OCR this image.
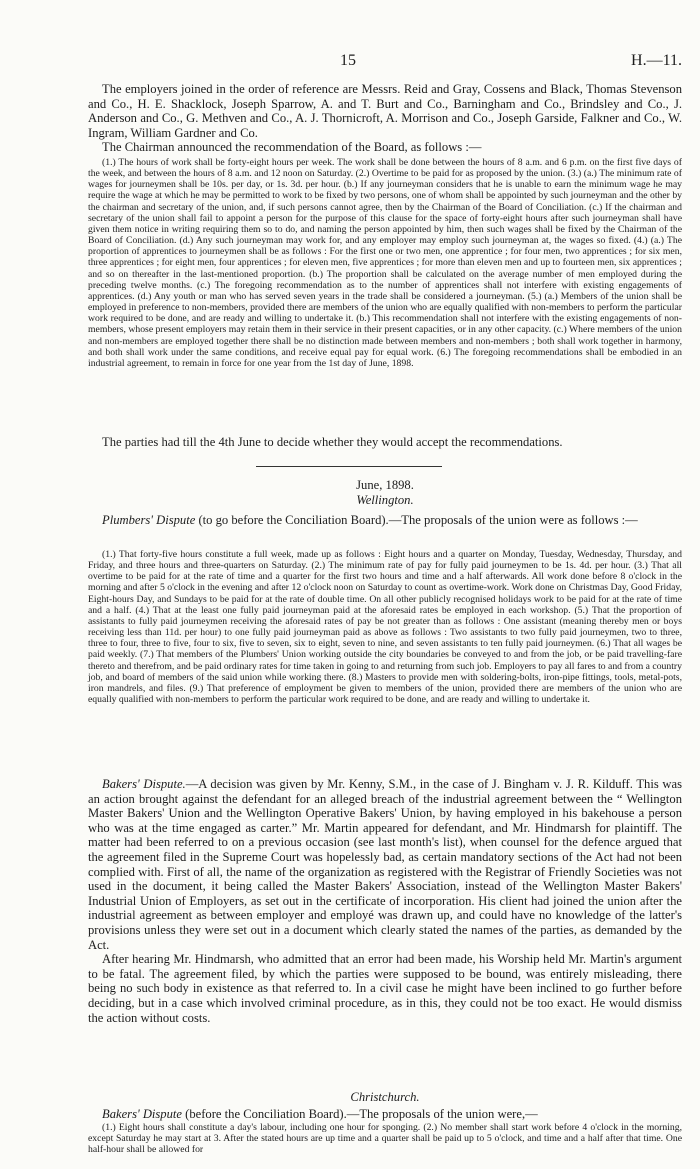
15	H.—11.

The employers joined in the order of reference are Messrs. Reid and Gray, Cossens and Black, Thomas Stevenson and Co., H. E. Shacklock, Joseph Sparrow, A. and T. Burt and Co., Barningham and Co., Brindsley and Co., J. Anderson and Co., G. Methven and Co., A. J. Thornicroft, A. Morrison and Co., Joseph Garside, Falkner and Co., W. Ingram, William Gardner and Co.

The Chairman announced the recommendation of the Board, as follows :—

(1.) The hours of work shall be forty-eight hours per week. The work shall be done between the hours of 8 a.m. and 6 p.m. on the first five days of the week, and between the hours of 8 a.m. and 12 noon on Saturday. (2.) Overtime to be paid for as proposed by the union. (3.) (a.) The minimum rate of wages for journeymen shall be 10s. per day, or 1s. 3d. per hour. (b.) If any journeyman considers that he is unable to earn the minimum wage he may require the wage at which he may be permitted to work to be fixed by two persons, one of whom shall be appointed by such journeyman and the other by the chairman and secretary of the union, and, if such persons cannot agree, then by the Chairman of the Board of Conciliation. (c.) If the chairman and secretary of the union shall fail to appoint a person for the purpose of this clause for the space of forty-eight hours after such journeyman shall have given them notice in writing requiring them so to do, and naming the person appointed by him, then such wages shall be fixed by the Chairman of the Board of Conciliation. (d.) Any such journeyman may work for, and any employer may employ such journeyman at, the wages so fixed. (4.) (a.) The proportion of apprentices to journeymen shall be as follows : For the first one or two men, one apprentice ; for four men, two apprentices ; for six men, three apprentices ; for eight men, four apprentices ; for eleven men, five apprentices ; for more than eleven men and up to fourteen men, six apprentices ; and so on thereafter in the last-mentioned proportion. (b.) The proportion shall be calculated on the average number of men employed during the preceding twelve months. (c.) The foregoing recommendation as to the number of apprentices shall not interfere with existing engagements of apprentices. (d.) Any youth or man who has served seven years in the trade shall be considered a journeyman. (5.) (a.) Members of the union shall be employed in preference to non-members, provided there are members of the union who are equally qualified with non-members to perform the particular work required to be done, and are ready and willing to undertake it. (b.) This recommendation shall not interfere with the existing engagements of non-members, whose present employers may retain them in their service in their present capacities, or in any other capacity. (c.) Where members of the union and non-members are employed together there shall be no distinction made between members and non-members ; both shall work together in harmony, and both shall work under the same conditions, and receive equal pay for equal work. (6.) The foregoing recommendations shall be embodied in an industrial agreement, to remain in force for one year from the 1st day of June, 1898.

The parties had till the 4th June to decide whether they would accept the recommendations.

June, 1898.

Wellington.

Plumbers' Dispute (to go before the Conciliation Board).—The proposals of the union were as follows :—

(1.) That forty-five hours constitute a full week, made up as follows : Eight hours and a quarter on Monday, Tuesday, Wednesday, Thursday, and Friday, and three hours and three-quarters on Saturday. (2.) The minimum rate of pay for fully paid journeymen to be 1s. 4d. per hour. (3.) That all overtime to be paid for at the rate of time and a quarter for the first two hours and time and a half afterwards. All work done before 8 o'clock in the morning and after 5 o'clock in the evening and after 12 o'clock noon on Saturday to count as overtime-work. Work done on Christmas Day, Good Friday, Eight-hours Day, and Sundays to be paid for at the rate of double time. On all other publicly recognised holidays work to be paid for at the rate of time and a half. (4.) That at the least one fully paid journeyman paid at the aforesaid rates be employed in each workshop. (5.) That the proportion of assistants to fully paid journeymen receiving the aforesaid rates of pay be not greater than as follows : One assistant (meaning thereby men or boys receiving less than 11d. per hour) to one fully paid journeyman paid as above as follows : Two assistants to two fully paid journeymen, two to three, three to four, three to five, four to six, five to seven, six to eight, seven to nine, and seven assistants to ten fully paid journeymen. (6.) That all wages be paid weekly. (7.) That members of the Plumbers' Union working outside the city boundaries be conveyed to and from the job, or be paid travelling-fare thereto and therefrom, and be paid ordinary rates for time taken in going to and returning from such job. Employers to pay all fares to and from a country job, and board of members of the said union while working there. (8.) Masters to provide men with soldering-bolts, iron-pipe fittings, tools, metal-pots, iron mandrels, and files. (9.) That preference of employment be given to members of the union, provided there are members of the union who are equally qualified with non-members to perform the particular work required to be done, and are ready and willing to undertake it.

Bakers' Dispute.—A decision was given by Mr. Kenny, S.M., in the case of J. Bingham v. J. R. Kilduff. This was an action brought against the defendant for an alleged breach of the industrial agreement between the “ Wellington Master Bakers' Union and the Wellington Operative Bakers' Union, by having employed in his bakehouse a person who was at the time engaged as carter.” Mr. Martin appeared for defendant, and Mr. Hindmarsh for plaintiff. The matter had been referred to on a previous occasion (see last month's list), when counsel for the defence argued that the agreement filed in the Supreme Court was hopelessly bad, as certain mandatory sections of the Act had not been complied with. First of all, the name of the organization as registered with the Registrar of Friendly Societies was not used in the document, it being called the Master Bakers' Association, instead of the Wellington Master Bakers' Industrial Union of Employers, as set out in the certificate of incorporation. His client had joined the union after the industrial agreement as between employer and employé was drawn up, and could have no knowledge of the latter's provisions unless they were set out in a document which clearly stated the names of the parties, as demanded by the Act.

After hearing Mr. Hindmarsh, who admitted that an error had been made, his Worship held Mr. Martin's argument to be fatal. The agreement filed, by which the parties were supposed to be bound, was entirely misleading, there being no such body in existence as that referred to. In a civil case he might have been inclined to go further before deciding, but in a case which involved criminal procedure, as in this, they could not be too exact. He would dismiss the action without costs.

Christchurch.

Bakers' Dispute (before the Conciliation Board).—The proposals of the union were,—

(1.) Eight hours shall constitute a day's labour, including one hour for sponging. (2.) No member shall start work before 4 o'clock in the morning, except Saturday he may start at 3. After the stated hours are up time and a quarter shall be paid up to 5 o'clock, and time and a half after that time. One half-hour shall be allowed for
